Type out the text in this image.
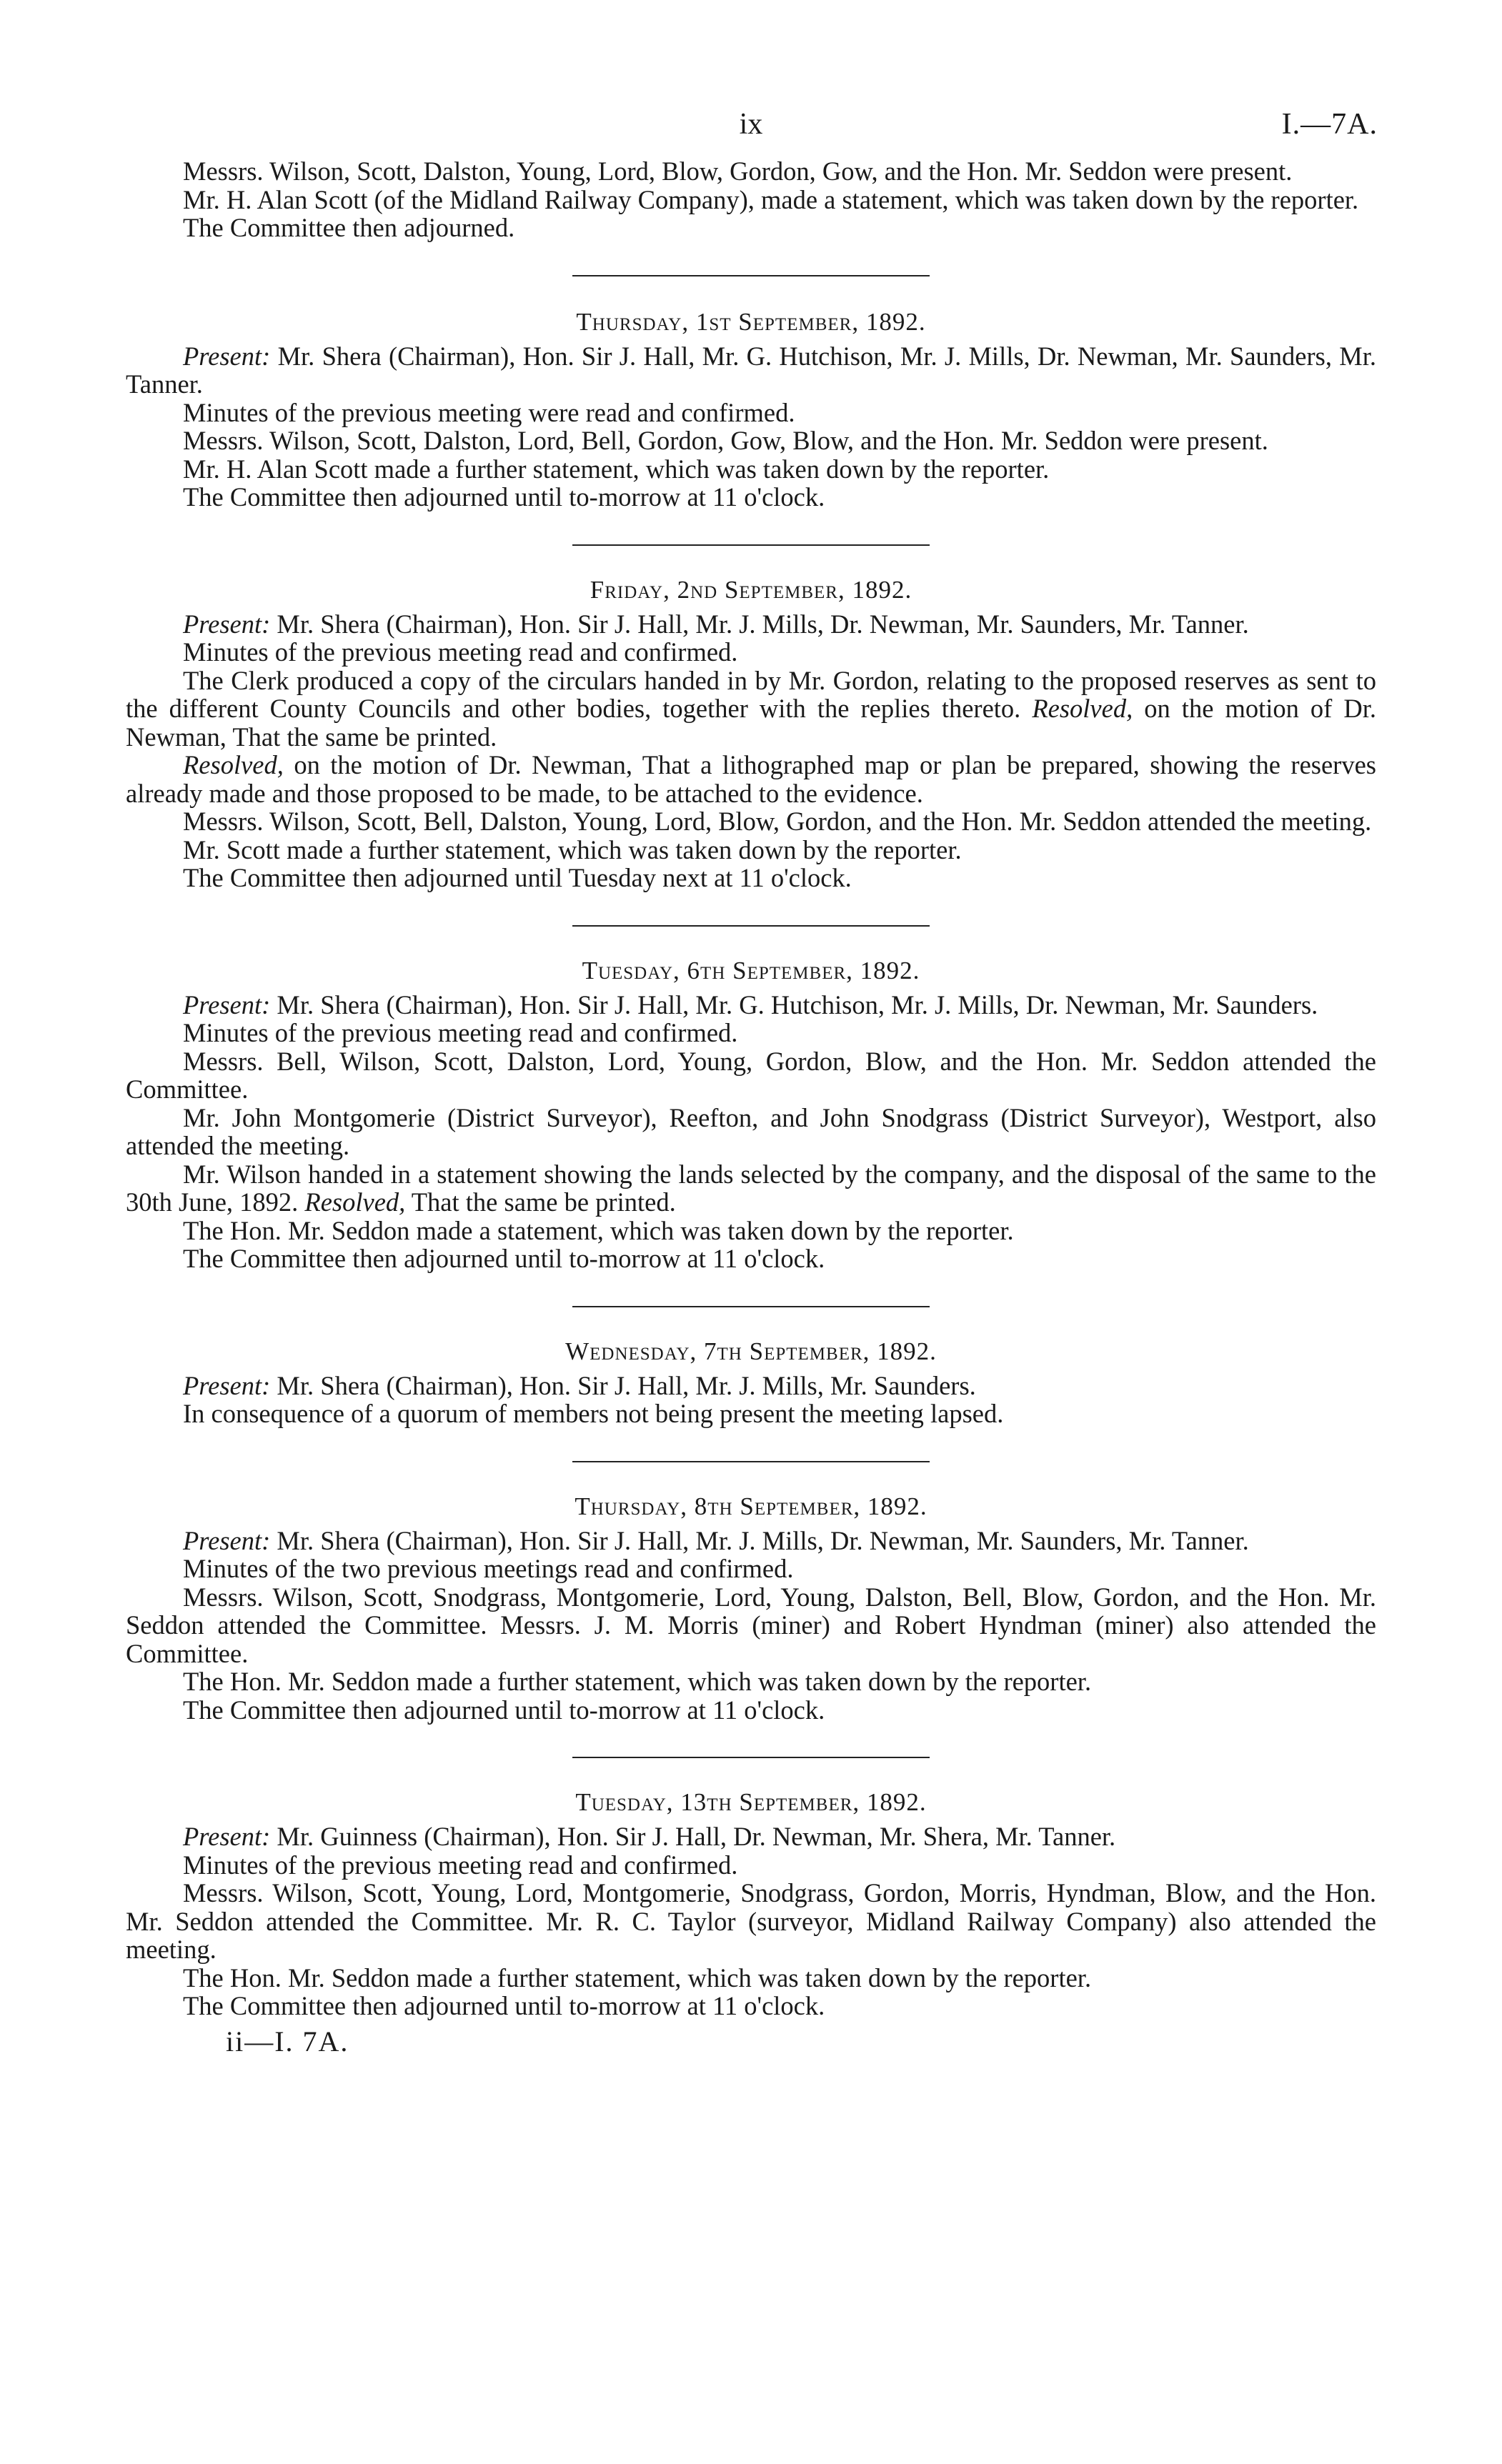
ix	I.—7A.

Messrs. Wilson, Scott, Dalston, Young, Lord, Blow, Gordon, Gow, and the Hon. Mr. Seddon were present.

Mr. H. Alan Scott (of the Midland Railway Company), made a statement, which was taken down by the reporter.

The Committee then adjourned.

Thursday, 1st September, 1892.

Present: Mr. Shera (Chairman), Hon. Sir J. Hall, Mr. G. Hutchison, Mr. J. Mills, Dr. Newman, Mr. Saunders, Mr. Tanner.

Minutes of the previous meeting were read and confirmed.

Messrs. Wilson, Scott, Dalston, Lord, Bell, Gordon, Gow, Blow, and the Hon. Mr. Seddon were present.

Mr. H. Alan Scott made a further statement, which was taken down by the reporter.

The Committee then adjourned until to-morrow at 11 o'clock.

Friday, 2nd September, 1892.

Present: Mr. Shera (Chairman), Hon. Sir J. Hall, Mr. J. Mills, Dr. Newman, Mr. Saunders, Mr. Tanner.

Minutes of the previous meeting read and confirmed.

The Clerk produced a copy of the circulars handed in by Mr. Gordon, relating to the proposed reserves as sent to the different County Councils and other bodies, together with the replies thereto. Resolved, on the motion of Dr. Newman, That the same be printed.

Resolved, on the motion of Dr. Newman, That a lithographed map or plan be prepared, showing the reserves already made and those proposed to be made, to be attached to the evidence.

Messrs. Wilson, Scott, Bell, Dalston, Young, Lord, Blow, Gordon, and the Hon. Mr. Seddon attended the meeting.

Mr. Scott made a further statement, which was taken down by the reporter.

The Committee then adjourned until Tuesday next at 11 o'clock.

Tuesday, 6th September, 1892.

Present: Mr. Shera (Chairman), Hon. Sir J. Hall, Mr. G. Hutchison, Mr. J. Mills, Dr. Newman, Mr. Saunders.

Minutes of the previous meeting read and confirmed.

Messrs. Bell, Wilson, Scott, Dalston, Lord, Young, Gordon, Blow, and the Hon. Mr. Seddon attended the Committee.

Mr. John Montgomerie (District Surveyor), Reefton, and John Snodgrass (District Surveyor), Westport, also attended the meeting.

Mr. Wilson handed in a statement showing the lands selected by the company, and the disposal of the same to the 30th June, 1892. Resolved, That the same be printed.

The Hon. Mr. Seddon made a statement, which was taken down by the reporter.

The Committee then adjourned until to-morrow at 11 o'clock.

Wednesday, 7th September, 1892.

Present: Mr. Shera (Chairman), Hon. Sir J. Hall, Mr. J. Mills, Mr. Saunders.

In consequence of a quorum of members not being present the meeting lapsed.

Thursday, 8th September, 1892.

Present: Mr. Shera (Chairman), Hon. Sir J. Hall, Mr. J. Mills, Dr. Newman, Mr. Saunders, Mr. Tanner.

Minutes of the two previous meetings read and confirmed.

Messrs. Wilson, Scott, Snodgrass, Montgomerie, Lord, Young, Dalston, Bell, Blow, Gordon, and the Hon. Mr. Seddon attended the Committee. Messrs. J. M. Morris (miner) and Robert Hyndman (miner) also attended the Committee.

The Hon. Mr. Seddon made a further statement, which was taken down by the reporter.

The Committee then adjourned until to-morrow at 11 o'clock.

Tuesday, 13th September, 1892.

Present: Mr. Guinness (Chairman), Hon. Sir J. Hall, Dr. Newman, Mr. Shera, Mr. Tanner.

Minutes of the previous meeting read and confirmed.

Messrs. Wilson, Scott, Young, Lord, Montgomerie, Snodgrass, Gordon, Morris, Hyndman, Blow, and the Hon. Mr. Seddon attended the Committee. Mr. R. C. Taylor (surveyor, Midland Railway Company) also attended the meeting.

The Hon. Mr. Seddon made a further statement, which was taken down by the reporter.

The Committee then adjourned until to-morrow at 11 o'clock.

ii—I. 7A.
